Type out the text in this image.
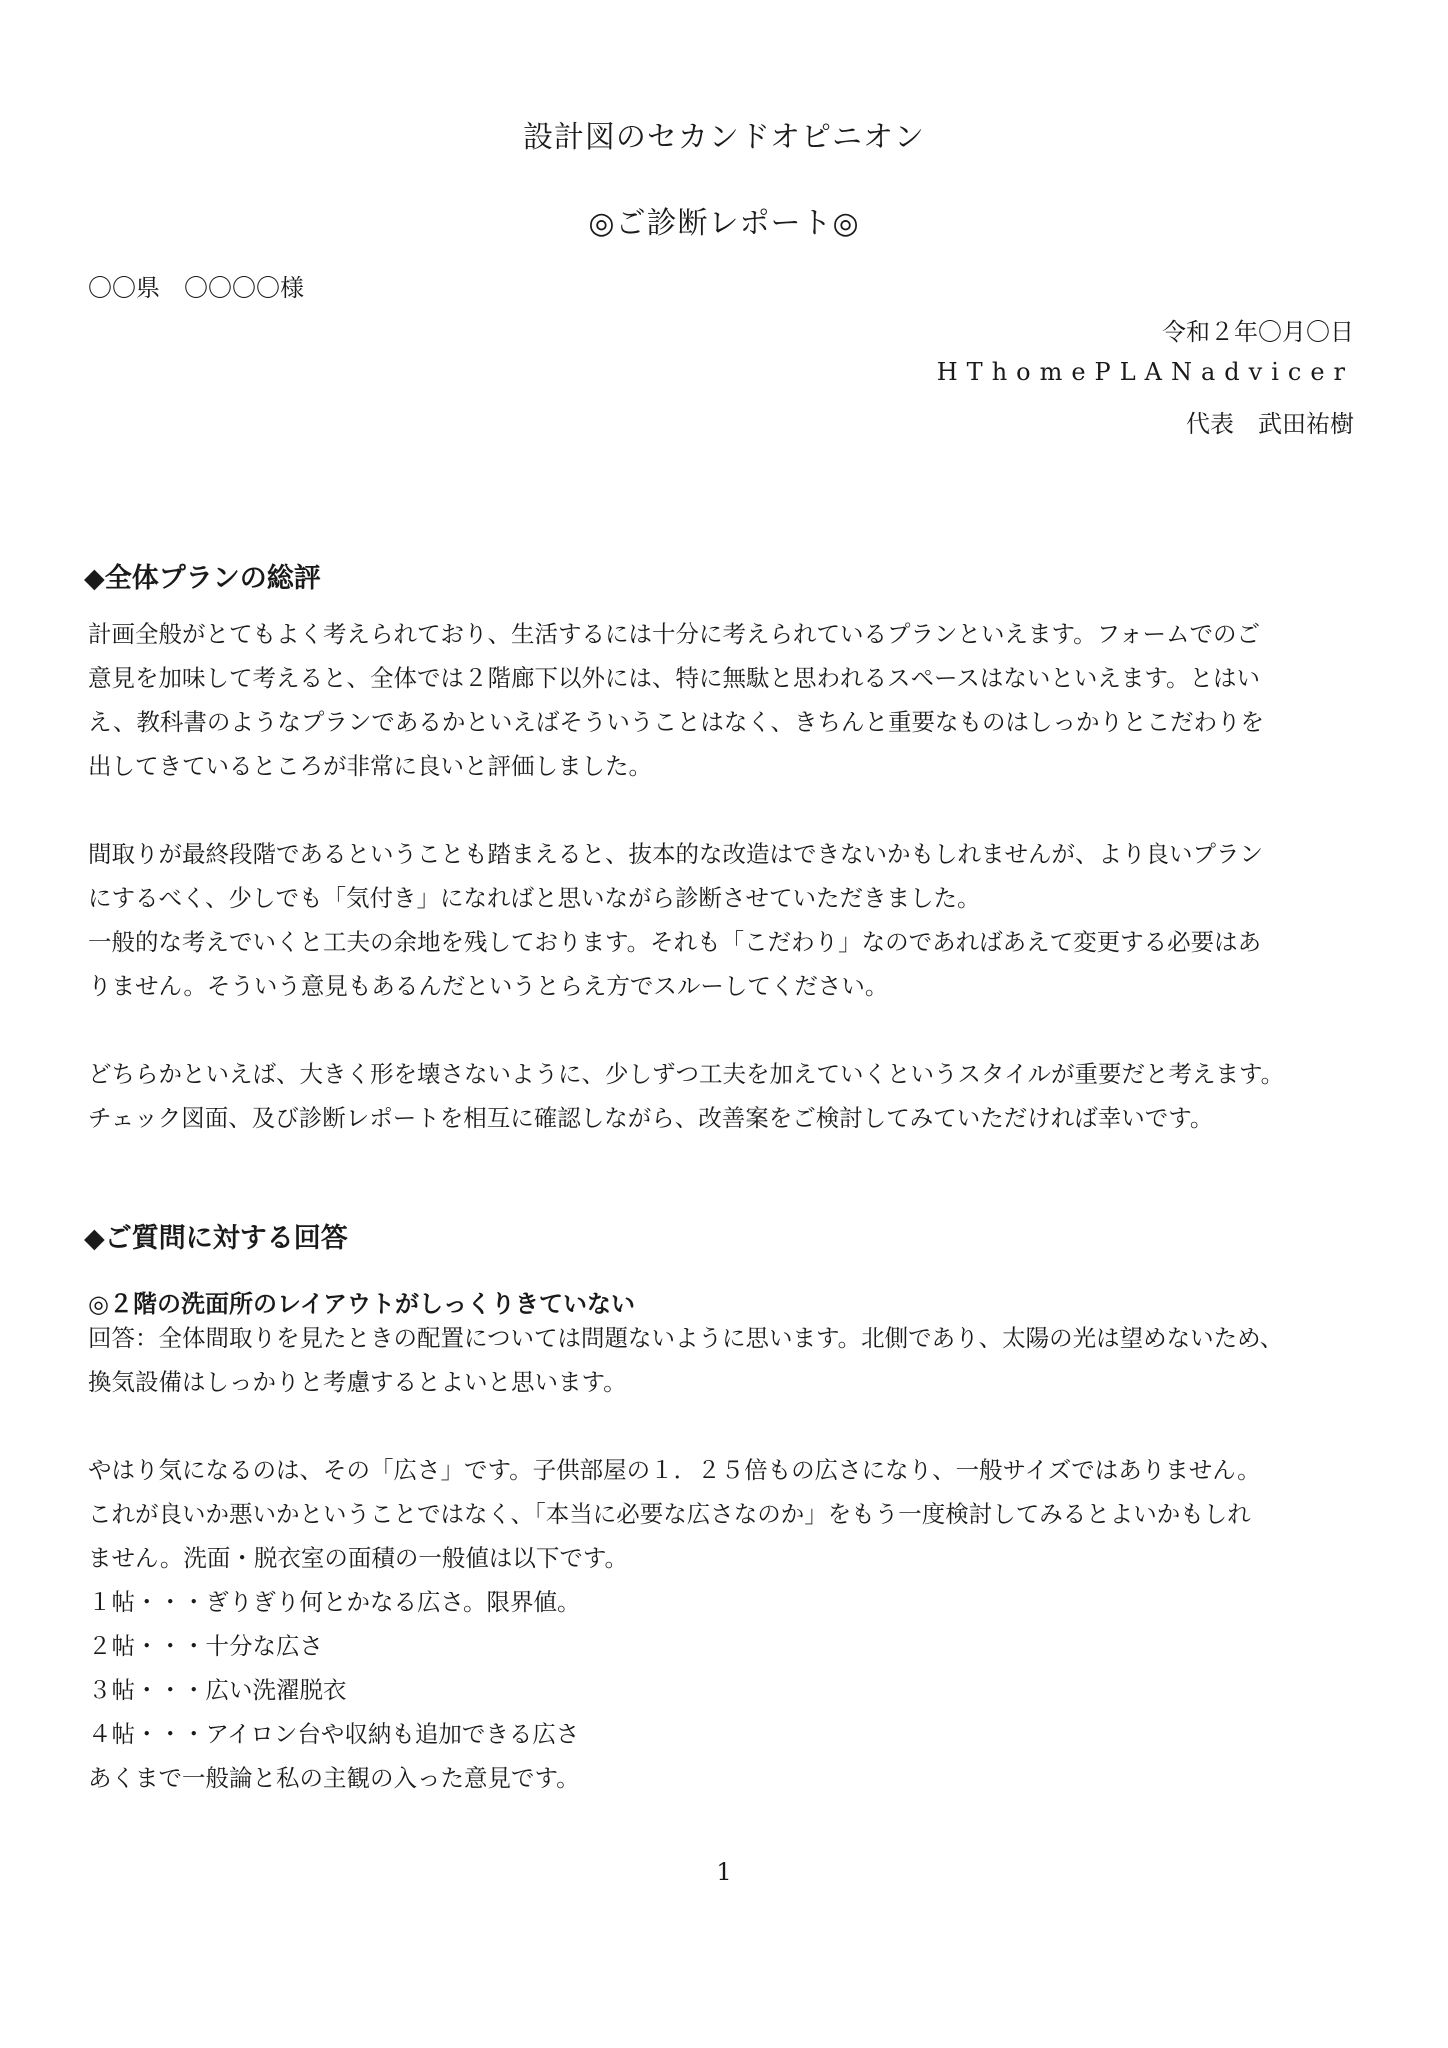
設計図のセカンドオピニオン
◎ご診断レポート◎
〇〇県　〇〇〇〇様
令和２年〇月〇日
HThomePLANadvicer
代表　武田祐樹
◆全体プランの総評

計画全般がとてもよく考えられており、生活するには十分に考えられているプランといえます。フォームでのご
意見を加味して考えると、全体では２階廊下以外には、特に無駄と思われるスペースはないといえます。とはい
え、教科書のようなプランであるかといえばそういうことはなく、きちんと重要なものはしっかりとこだわりを
出してきているところが非常に良いと評価しました。

間取りが最終段階であるということも踏まえると、抜本的な改造はできないかもしれませんが、より良いプラン
にするべく、少しでも「気付き」になればと思いながら診断させていただきました。
一般的な考えでいくと工夫の余地を残しております。それも「こだわり」なのであればあえて変更する必要はあ
りません。そういう意見もあるんだというとらえ方でスルーしてください。

どちらかといえば、大きく形を壊さないように、少しずつ工夫を加えていくというスタイルが重要だと考えます。
チェック図面、及び診断レポートを相互に確認しながら、改善案をご検討してみていただければ幸いです。

◆ご質問に対する回答
◎２階の洗面所のレイアウトがしっくりきていない

回答：全体間取りを見たときの配置については問題ないように思います。北側であり、太陽の光は望めないため、
換気設備はしっかりと考慮するとよいと思います。

やはり気になるのは、その「広さ」です。子供部屋の１．２５倍もの広さになり、一般サイズではありません。
これが良いか悪いかということではなく、「本当に必要な広さなのか」をもう一度検討してみるとよいかもしれ
ません。洗面・脱衣室の面積の一般値は以下です。
１帖・・・ぎりぎり何とかなる広さ。限界値。
２帖・・・十分な広さ
３帖・・・広い洗濯脱衣
４帖・・・アイロン台や収納も追加できる広さ
あくまで一般論と私の主観の入った意見です。

1
